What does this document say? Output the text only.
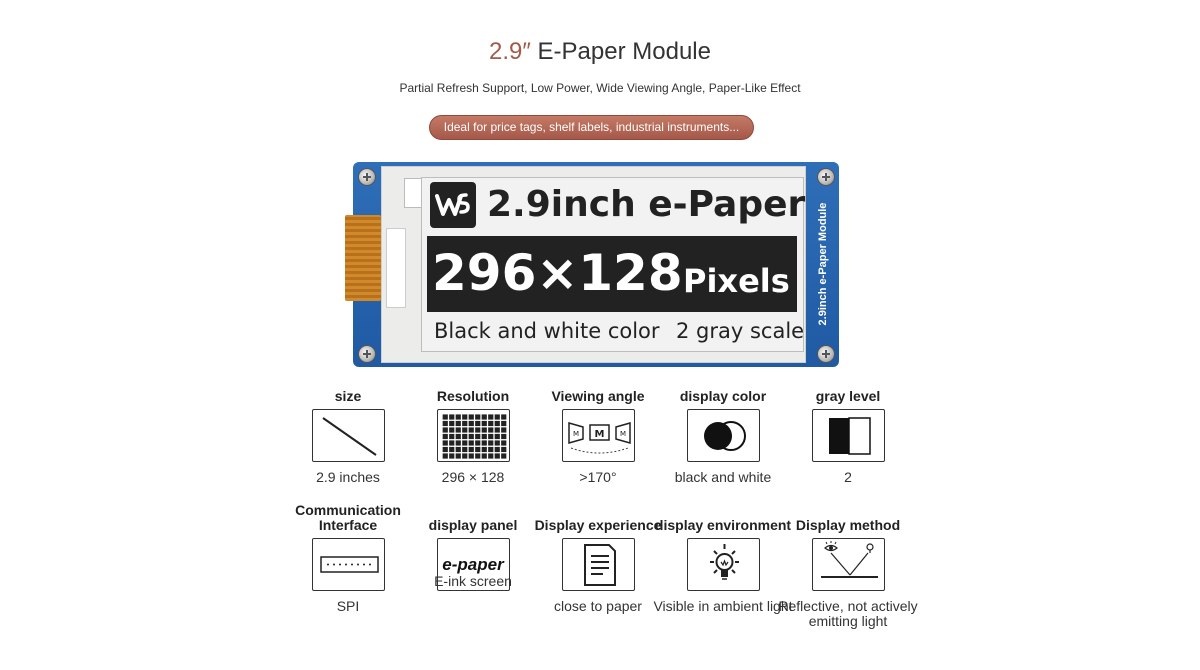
2.9″ E-Paper Module
Partial Refresh Support, Low Power, Wide Viewing Angle, Paper-Like Effect
Ideal for price tags, shelf labels, industrial instruments...
2.9inch e-Paper
296×128 Pixels
Black and white color 2 gray scale
2.9inch e-Paper Module
size
2.9 inches
Resolution
296 × 128
Viewing angle
M
M	M
>170°
display color
black and white
gray level
2
Communication Interface
SPI
display panel
e-paper
E-ink screen
Display experience
close to paper
display environment
Visible in ambient light
Display method
Reflective, not actively emitting light
